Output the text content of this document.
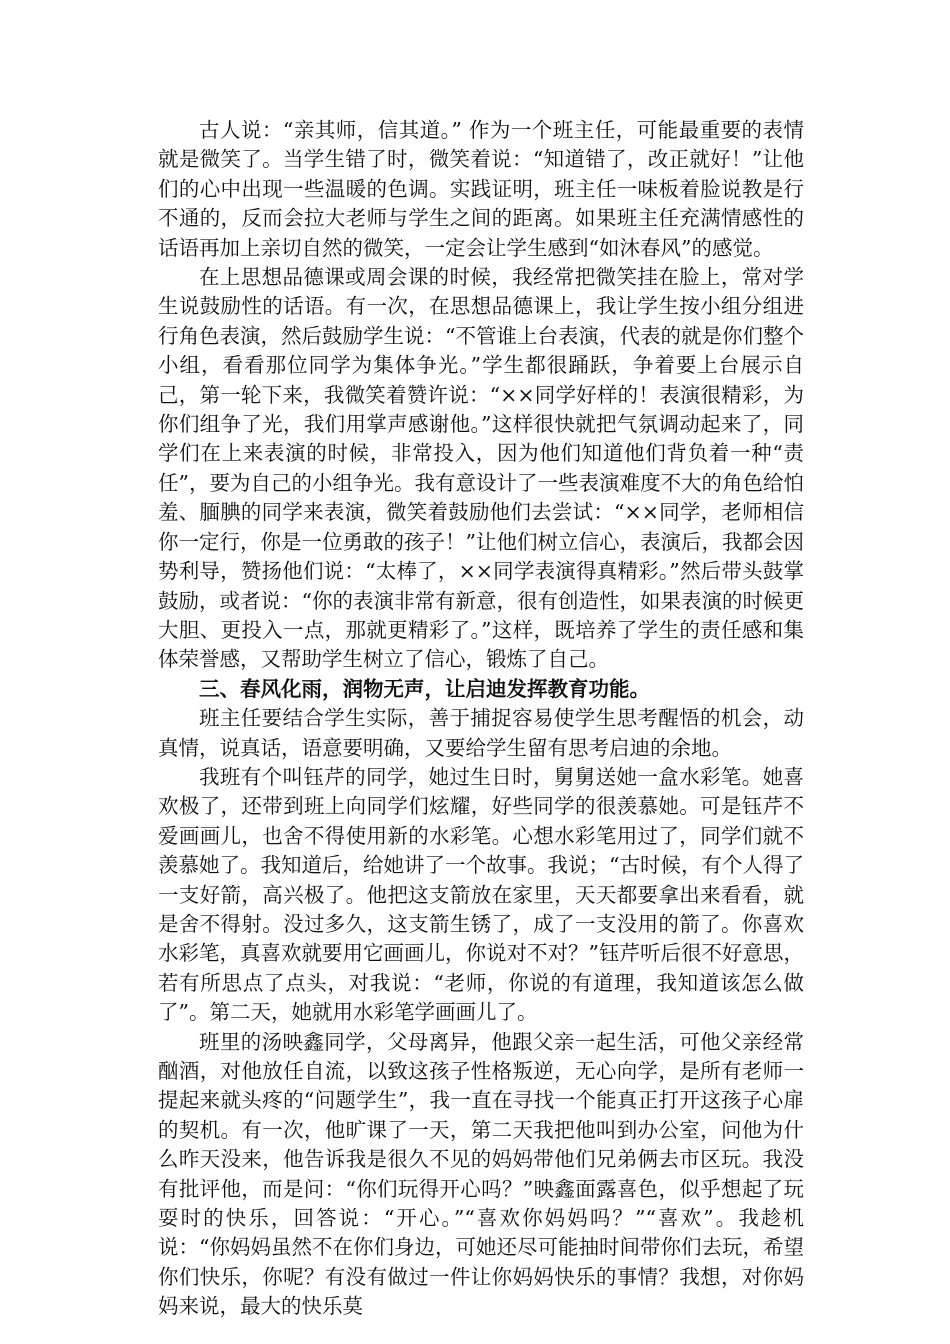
古人说：“亲其师，信其道。” 作为一个班主任，可能最重要的表情就是微笑了。当学生错了时，微笑着说：“知道错了，改正就好！”让他们的心中出现一些温暖的色调。实践证明，班主任一味板着脸说教是行不通的，反而会拉大老师与学生之间的距离。如果班主任充满情感性的话语再加上亲切自然的微笑，一定会让学生感到“如沐春风”的感觉。

在上思想品德课或周会课的时候，我经常把微笑挂在脸上，常对学生说鼓励性的话语。有一次，在思想品德课上，我让学生按小组分组进行角色表演，然后鼓励学生说：“不管谁上台表演，代表的就是你们整个小组，看看那位同学为集体争光。”学生都很踊跃，争着要上台展示自己，第一轮下来，我微笑着赞许说：“××同学好样的！表演很精彩，为你们组争了光，我们用掌声感谢他。”这样很快就把气氛调动起来了，同学们在上来表演的时候，非常投入，因为他们知道他们背负着一种“责任”，要为自己的小组争光。我有意设计了一些表演难度不大的角色给怕羞、腼腆的同学来表演，微笑着鼓励他们去尝试：“××同学，老师相信你一定行，你是一位勇敢的孩子！”让他们树立信心，表演后，我都会因势利导，赞扬他们说：“太棒了，××同学表演得真精彩。”然后带头鼓掌鼓励，或者说：“你的表演非常有新意，很有创造性，如果表演的时候更大胆、更投入一点，那就更精彩了。”这样，既培养了学生的责任感和集体荣誉感，又帮助学生树立了信心，锻炼了自己。

三、春风化雨，润物无声，让启迪发挥教育功能。

班主任要结合学生实际，善于捕捉容易使学生思考醒悟的机会，动真情，说真话，语意要明确，又要给学生留有思考启迪的余地。

我班有个叫钰芹的同学，她过生日时，舅舅送她一盒水彩笔。她喜欢极了，还带到班上向同学们炫耀，好些同学的很羡慕她。可是钰芹不爱画画儿，也舍不得使用新的水彩笔。心想水彩笔用过了，同学们就不羡慕她了。我知道后，给她讲了一个故事。我说；“古时候，有个人得了一支好箭，高兴极了。他把这支箭放在家里，天天都要拿出来看看，就是舍不得射。没过多久，这支箭生锈了，成了一支没用的箭了。你喜欢水彩笔，真喜欢就要用它画画儿，你说对不对？”钰芹听后很不好意思，若有所思点了点头，对我说：“老师，你说的有道理，我知道该怎么做了”。第二天，她就用水彩笔学画画儿了。

班里的汤映鑫同学，父母离异，他跟父亲一起生活，可他父亲经常酗酒，对他放任自流，以致这孩子性格叛逆，无心向学，是所有老师一提起来就头疼的“问题学生”，我一直在寻找一个能真正打开这孩子心扉的契机。有一次，他旷课了一天，第二天我把他叫到办公室，问他为什么昨天没来，他告诉我是很久不见的妈妈带他们兄弟俩去市区玩。我没有批评他，而是问：“你们玩得开心吗？”映鑫面露喜色，似乎想起了玩耍时的快乐，回答说：“开心。”“喜欢你妈妈吗？”“喜欢”。我趁机说：“你妈妈虽然不在你们身边，可她还尽可能抽时间带你们去玩，希望你们快乐，你呢？有没有做过一件让你妈妈快乐的事情？我想，对你妈妈来说，最大的快乐莫
